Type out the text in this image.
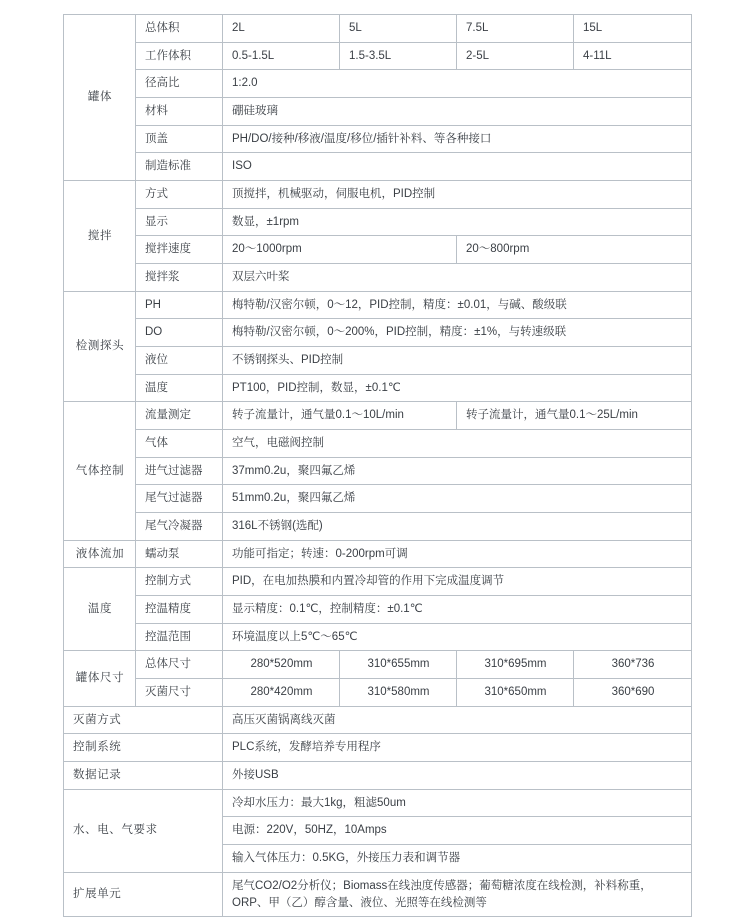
罐体	总体积	2L	5L	7.5L	15L
	工作体积	0.5-1.5L	1.5-3.5L	2-5L	4-11L
	径高比	1:2.0			
	材料	硼硅玻璃			
	顶盖	PH/DO/接种/移液/温度/移位/插针补料、等各种接口			
	制造标准	ISO			
搅拌	方式	顶搅拌，机械驱动，伺服电机，PID控制			
	显示	数显，±1rpm			
	搅拌速度	20～1000rpm		20～800rpm	
	搅拌浆	双层六叶桨			
检测探头	PH	梅特勒/汉密尔顿，0～12，PID控制，精度：±0.01，与碱、酸级联			
	DO	梅特勒/汉密尔顿，0～200%，PID控制，精度：±1%，与转速级联			
	液位	不锈钢探头、PID控制			
	温度	PT100，PID控制，数显，±0.1℃			
气体控制	流量测定	转子流量计，通气量0.1～10L/min		转子流量计，通气量0.1～25L/min	
	气体	空气，电磁阀控制			
	进气过滤器	37mm0.2u，聚四氟乙烯			
	尾气过滤器	51mm0.2u，聚四氟乙烯			
	尾气冷凝器	316L不锈钢(选配)			
液体流加	蠕动泵	功能可指定；转速：0-200rpm可调			
温度	控制方式	PID，在电加热膜和内置冷却管的作用下完成温度调节			
	控温精度	显示精度：0.1℃，控制精度：±0.1℃			
	控温范围	环境温度以上5℃～65℃			
罐体尺寸	总体尺寸	280*520mm	310*655mm	310*695mm	360*736
	灭菌尺寸	280*420mm	310*580mm	310*650mm	360*690
灭菌方式		高压灭菌锅离线灭菌			
控制系统		PLC系统，发酵培养专用程序			
数据记录		外接USB			
水、电、气要求		冷却水压力：最大1kg，粗滤50um			
		电源：220V，50HZ，10Amps			
		输入气体压力：0.5KG，外接压力表和调节器			
扩展单元		尾气CO2/O2分析仪；Biomass在线浊度传感器；葡萄糖浓度在线检测，补料称重，ORP、甲（乙）醇含量、液位、光照等在线检测等			
